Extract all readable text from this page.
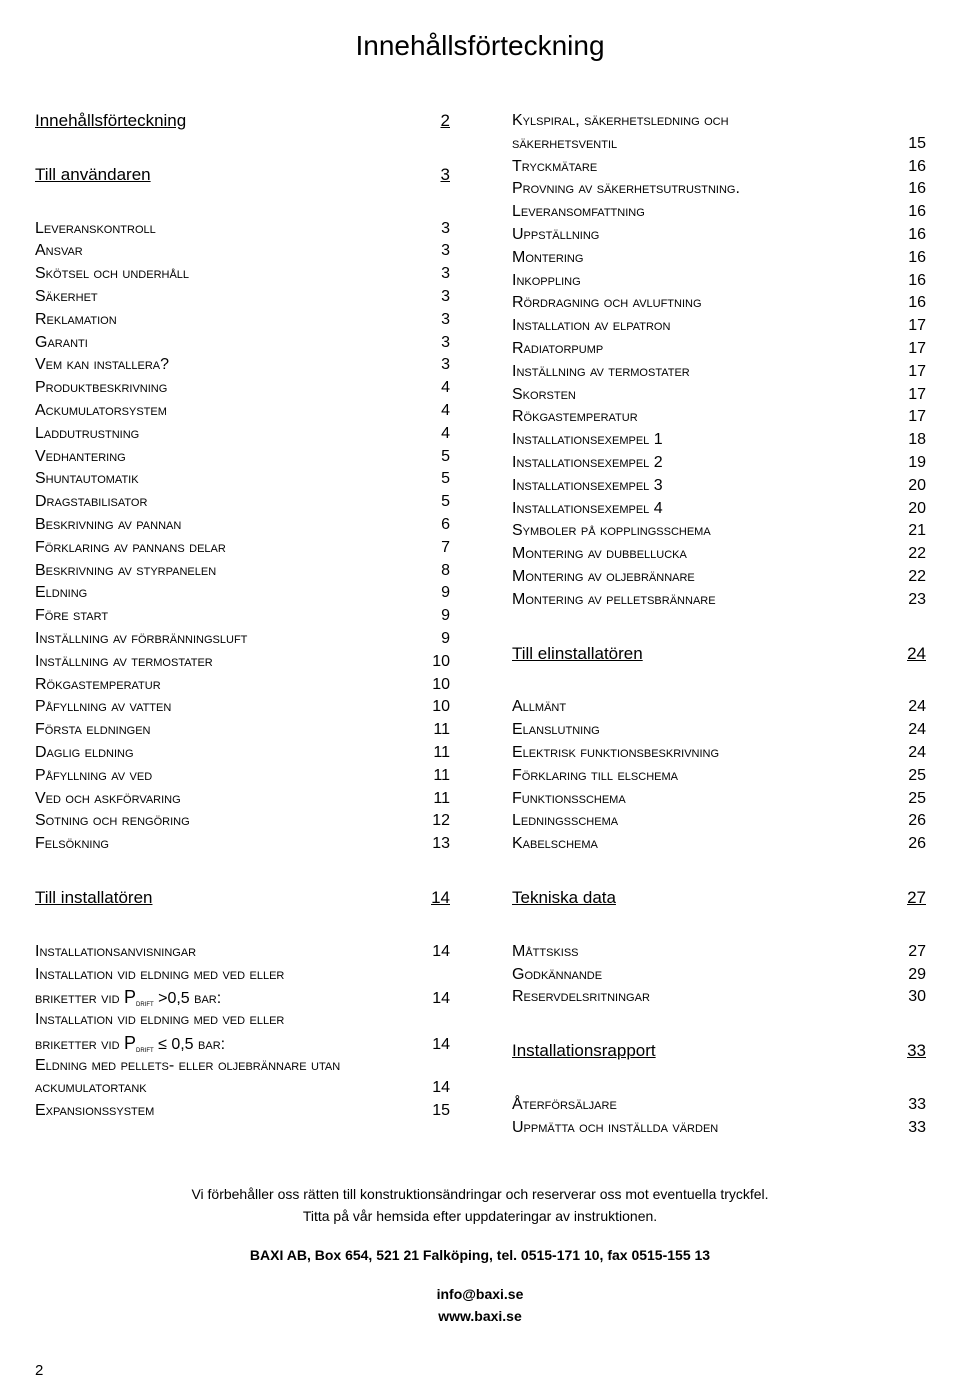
Innehållsförteckning
Innehållsförteckning	2
Till användaren	3
Leveranskontroll	3
Ansvar	3
Skötsel och underhåll	3
Säkerhet	3
Reklamation	3
Garanti	3
Vem kan installera?	3
Produktbeskrivning	4
Ackumulatorsystem	4
Laddutrustning	4
Vedhantering	5
Shuntautomatik	5
Dragstabilisator	5
Beskrivning av pannan	6
Förklaring av pannans delar	7
Beskrivning av styrpanelen	8
Eldning	9
Före start	9
Inställning av förbränningsluft	9
Inställning av termostater	10
Rökgastemperatur	10
Påfyllning av vatten	10
Första eldningen	11
Daglig eldning	11
Påfyllning av ved	11
Ved och askförvaring	11
Sotning och rengöring	12
Felsökning	13
Till installatören	14
Installationsanvisningar	14
Installation vid eldning med ved eller
briketter vid $P_{drift} >0,5$ bar:	14
Installation vid eldning med ved eller
briketter vid $P_{drift} \le 0,5$ bar:	14
Eldning med pellets- eller oljebrännare utan
ackumulatortank	14
Expansionssystem	15
Kylspiral, säkerhetsledning och
säkerhetsventil	15
Tryckmätare	16
Provning av säkerhetsutrustning.	16
Leveransomfattning	16
Uppställning	16
Montering	16
Inkoppling	16
Rördragning och avluftning	16
Installation av elpatron	17
Radiatorpump	17
Inställning av termostater	17
Skorsten	17
Rökgastemperatur	17
Installationsexempel 1	18
Installationsexempel 2	19
Installationsexempel 3	20
Installationsexempel 4	20
Symboler på kopplingsschema	21
Montering av dubbellucka	22
Montering av oljebrännare	22
Montering av pelletsbrännare	23
Till elinstallatören	24
Allmänt	24
Elanslutning	24
Elektrisk funktionsbeskrivning	24
Förklaring till elschema	25
Funktionsschema	25
Ledningsschema	26
Kabelschema	26
Tekniska data	27
Måttskiss	27
Godkännande	29
Reservdelsritningar	30
Installationsrapport	33
Återförsäljare	33
Uppmätta och inställda värden	33
Vi förbehåller oss rätten till konstruktionsändringar och reserverar oss mot eventuella tryckfel.
Titta på vår hemsida efter uppdateringar av instruktionen.
BAXI AB, Box 654, 521 21 Falköping, tel. 0515-171 10, fax 0515-155 13
info@baxi.se
www.baxi.se
2
